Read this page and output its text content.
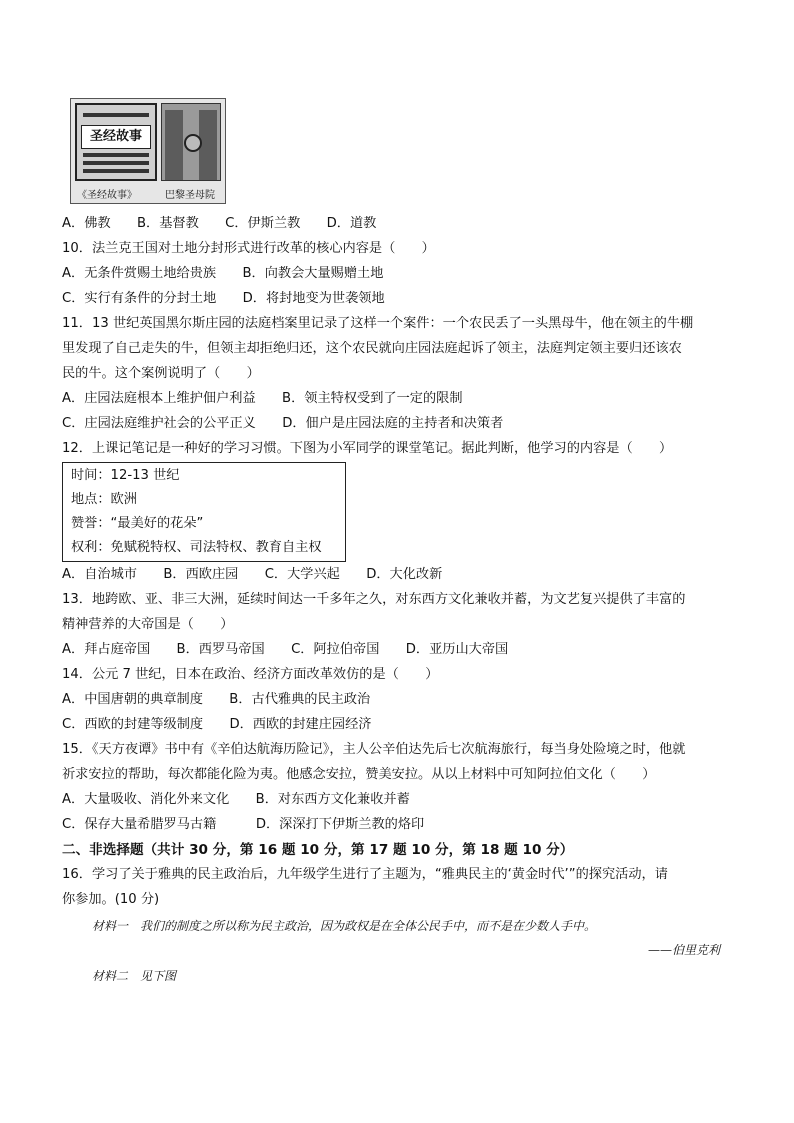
圣经故事
《圣经故事》	巴黎圣母院
A．佛教　　B．基督教　　C．伊斯兰教　　D．道教
10．法兰克王国对土地分封形式进行改革的核心内容是（　　）
A．无条件赏赐土地给贵族　　B．向教会大量赐赠土地
C．实行有条件的分封土地　　D．将封地变为世袭领地
11．13 世纪英国黑尔斯庄园的法庭档案里记录了这样一个案件：一个农民丢了一头黑母牛，他在领主的牛棚
里发现了自己走失的牛，但领主却拒绝归还，这个农民就向庄园法庭起诉了领主，法庭判定领主要归还该农
民的牛。这个案例说明了（　　）
A．庄园法庭根本上维护佃户利益　　B．领主特权受到了一定的限制
C．庄园法庭维护社会的公平正义　　D．佃户是庄园法庭的主持者和决策者
12．上课记笔记是一种好的学习习惯。下图为小军同学的课堂笔记。据此判断，他学习的内容是（　　）
时间：12-13 世纪
地点：欧洲
赞誉：“最美好的花朵”
权利：免赋税特权、司法特权、教育自主权
A．自治城市　　B．西欧庄园　　C．大学兴起　　D．大化改新
13．地跨欧、亚、非三大洲，延续时间达一千多年之久，对东西方文化兼收并蓄，为文艺复兴提供了丰富的
精神营养的大帝国是（　　）
A．拜占庭帝国　　B．西罗马帝国　　C．阿拉伯帝国　　D．亚历山大帝国
14．公元 7 世纪，日本在政治、经济方面改革效仿的是（　　）
A．中国唐朝的典章制度　　B．古代雅典的民主政治
C．西欧的封建等级制度　　D．西欧的封建庄园经济
15．《天方夜谭》书中有《辛伯达航海历险记》，主人公辛伯达先后七次航海旅行，每当身处险境之时，他就
祈求安拉的帮助，每次都能化险为夷。他感念安拉，赞美安拉。从以上材料中可知阿拉伯文化（　　）
A．大量吸收、消化外来文化　　B．对东西方文化兼收并蓄
C．保存大量希腊罗马古籍　　　D．深深打下伊斯兰教的烙印
二、非选择题（共计 30 分，第 16 题 10 分，第 17 题 10 分，第 18 题 10 分）
16．学习了关于雅典的民主政治后，九年级学生进行了主题为，“雅典民主的‘黄金时代’”的探究活动，请
你参加。(10 分)
材料一　我们的制度之所以称为民主政治，因为政权是在全体公民手中，而不是在少数人手中。
——伯里克利
材料二　见下图
